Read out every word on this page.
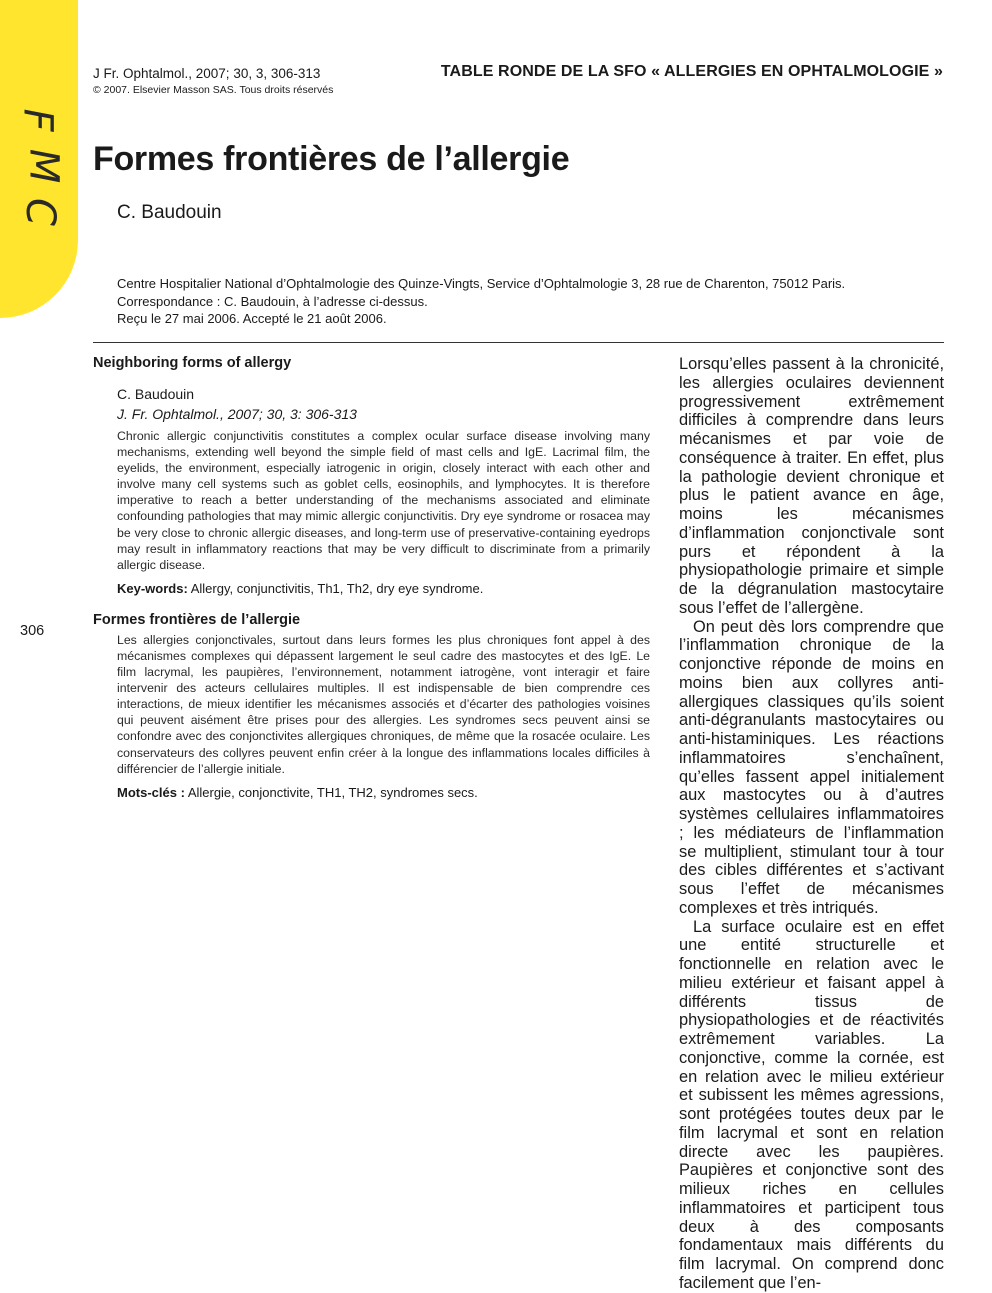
F
M
C
J Fr. Ophtalmol., 2007; 30, 3, 306-313
© 2007. Elsevier Masson SAS. Tous droits réservés
TABLE RONDE DE LA SFO « ALLERGIES EN OPHTALMOLOGIE »
Formes frontières de l’allergie
C. Baudouin
Centre Hospitalier National d’Ophtalmologie des Quinze-Vingts, Service d’Ophtalmologie 3, 28 rue de Charenton, 75012 Paris.
Correspondance : C. Baudouin, à l’adresse ci-dessus.
Reçu le 27 mai 2006. Accepté le 21 août 2006.
306
Neighboring forms of allergy
C. Baudouin
J. Fr. Ophtalmol., 2007; 30, 3: 306-313
Chronic allergic conjunctivitis constitutes a complex ocular surface disease involving many mechanisms, extending well beyond the simple field of mast cells and IgE. Lacrimal film, the eyelids, the environment, especially iatrogenic in origin, closely interact with each other and involve many cell systems such as goblet cells, eosinophils, and lymphocytes. It is therefore imperative to reach a better understanding of the mechanisms associated and eliminate confounding pathologies that may mimic allergic conjunctivitis. Dry eye syndrome or rosacea may be very close to chronic allergic diseases, and long-term use of preservative-containing eyedrops may result in inflammatory reactions that may be very difficult to discriminate from a primarily allergic disease.
Key-words: Allergy, conjunctivitis, Th1, Th2, dry eye syndrome.
Formes frontières de l’allergie
Les allergies conjonctivales, surtout dans leurs formes les plus chroniques font appel à des mécanismes complexes qui dépassent largement le seul cadre des mastocytes et des IgE. Le film lacrymal, les paupières, l’environnement, notamment iatrogène, vont interagir et faire intervenir des acteurs cellulaires multiples. Il est indispensable de bien comprendre ces interactions, de mieux identifier les mécanismes associés et d’écarter des pathologies voisines qui peuvent aisément être prises pour des allergies. Les syndromes secs peuvent ainsi se confondre avec des conjonctivites allergiques chroniques, de même que la rosacée oculaire. Les conservateurs des collyres peuvent enfin créer à la longue des inflammations locales difficiles à différencier de l’allergie initiale.
Mots-clés : Allergie, conjonctivite, TH1, TH2, syndromes secs.

Lorsqu’elles passent à la chronicité, les allergies oculaires deviennent progressivement extrêmement difficiles à comprendre dans leurs mécanismes et par voie de conséquence à traiter. En effet, plus la pathologie devient chronique et plus le patient avance en âge, moins les mécanismes d’inflammation conjonctivale sont purs et répondent à la physiopathologie primaire et simple de la dégranulation mastocytaire sous l’effet de l’allergène.

On peut dès lors comprendre que l’inflammation chronique de la conjonctive réponde de moins en moins bien aux collyres anti-allergiques classiques qu’ils soient anti-dégranulants mastocytaires ou anti-histaminiques. Les réactions inflammatoires s’enchaînent, qu’elles fassent appel initialement aux mastocytes ou à d’autres systèmes cellulaires inflammatoires ; les médiateurs de l’inflammation se multiplient, stimulant tour à tour des cibles différentes et s’activant sous l’effet de mécanismes complexes et très intriqués.

La surface oculaire est en effet une entité structurelle et fonctionnelle en relation avec le milieu extérieur et faisant appel à différents tissus de physiopathologies et de réactivités extrêmement variables. La conjonctive, comme la cornée, est en relation avec le milieu extérieur et subissent les mêmes agressions, sont protégées toutes deux par le film lacrymal et sont en relation directe avec les paupières. Paupières et conjonctive sont des milieux riches en cellules inflammatoires et participent tous deux à des composants fondamentaux mais différents du film lacrymal. On comprend donc facilement que l’en-
